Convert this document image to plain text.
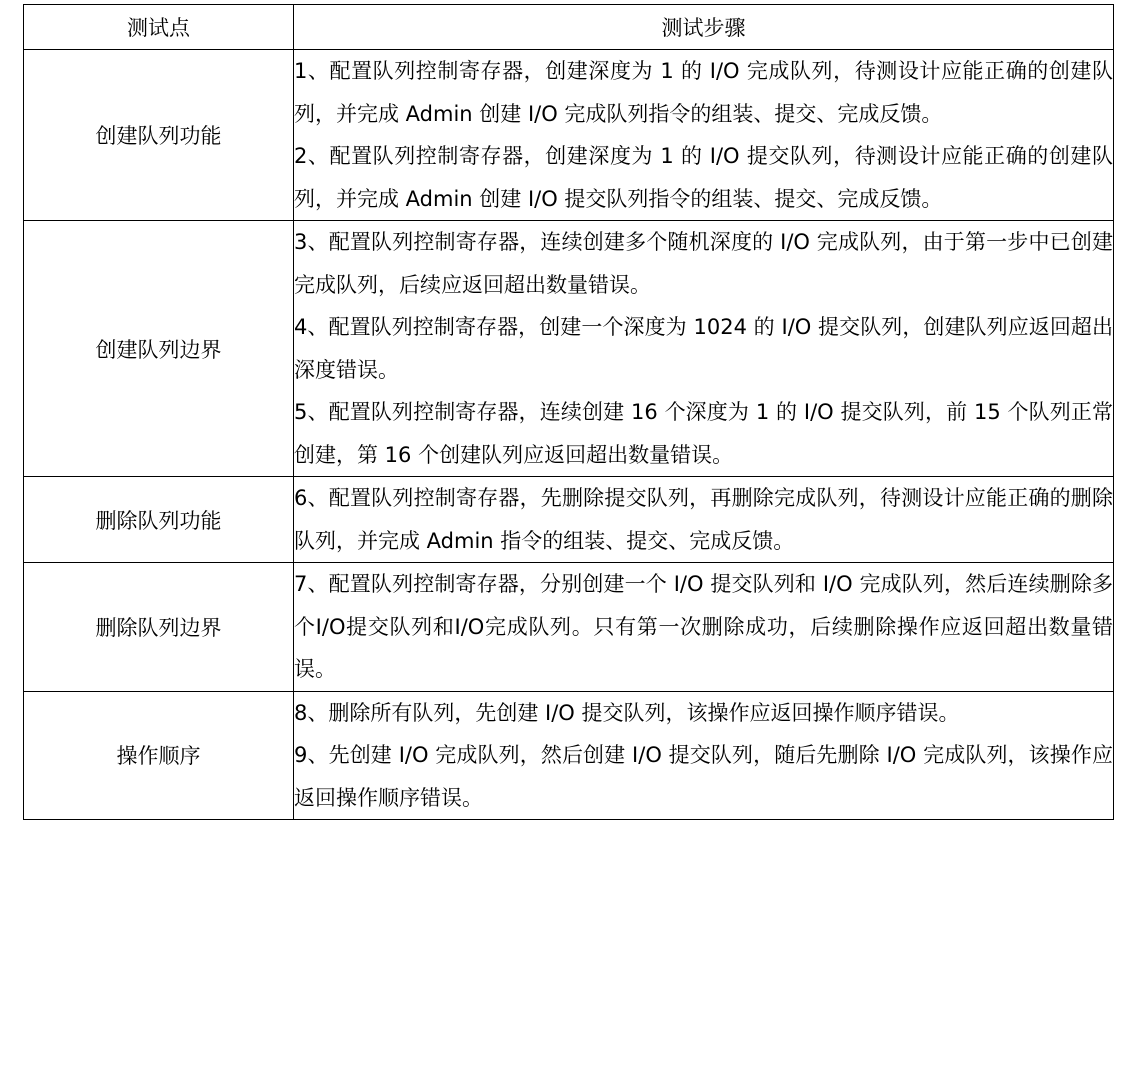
测试点	测试步骤
创建队列功能	1、配置队列控制寄存器，创建深度为 1 的 I/O 完成队列，待测设计应能正确的创建队列，并完成 Admin 创建 I/O 完成队列指令的组装、提交、完成反馈。
2、配置队列控制寄存器，创建深度为 1 的 I/O 提交队列，待测设计应能正确的创建队列，并完成 Admin 创建 I/O 提交队列指令的组装、提交、完成反馈。

创建队列边界	3、配置队列控制寄存器，连续创建多个随机深度的 I/O 完成队列，由于第一步中已创建完成队列，后续应返回超出数量错误。
4、配置队列控制寄存器，创建一个深度为 1024 的 I/O 提交队列，创建队列应返回超出深度错误。
5、配置队列控制寄存器，连续创建 16 个深度为 1 的 I/O 提交队列，前 15 个队列正常创建，第 16 个创建队列应返回超出数量错误。

删除队列功能	6、配置队列控制寄存器，先删除提交队列，再删除完成队列，待测设计应能正确的删除队列，并完成 Admin 指令的组装、提交、完成反馈。

删除队列边界	7、配置队列控制寄存器，分别创建一个 I/O 提交队列和 I/O 完成队列，然后连续删除多个I/O提交队列和I/O完成队列。只有第一次删除成功，后续删除操作应返回超出数量错误。

操作顺序	8、删除所有队列，先创建 I/O 提交队列，该操作应返回操作顺序错误。
9、先创建 I/O 完成队列，然后创建 I/O 提交队列，随后先删除 I/O 完成队列，该操作应返回操作顺序错误。
